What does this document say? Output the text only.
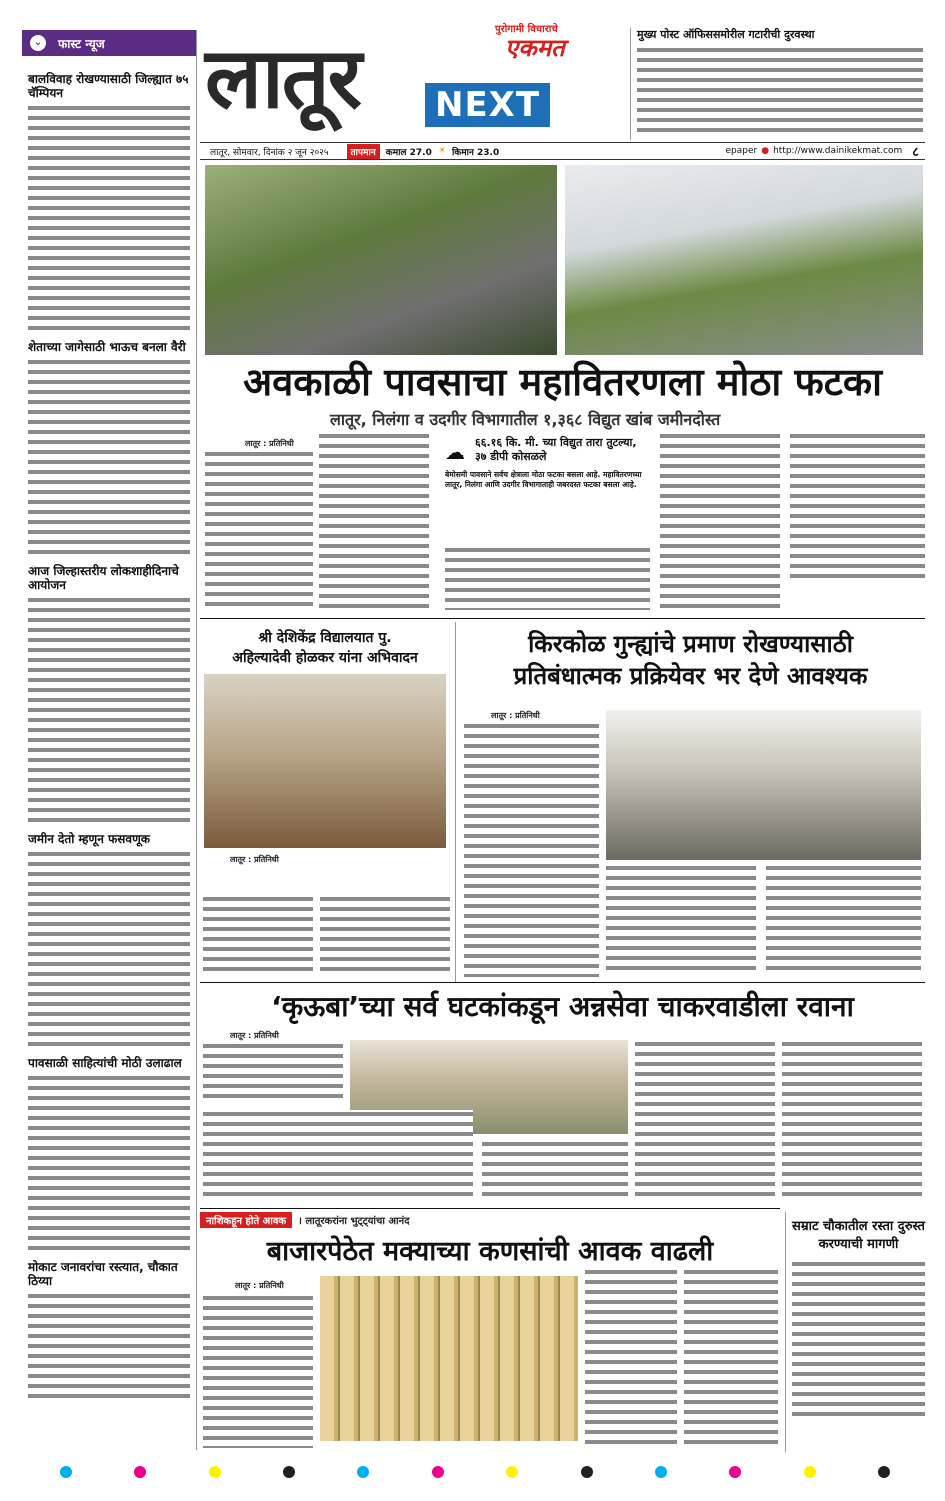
⌄	फास्ट न्यूज
बालविवाह रोखण्यासाठी जिल्ह्यात ७५ चॅम्पियन
शेताच्या जागेसाठी भाऊच बनला वैरी
आज जिल्हास्तरीय लोकशाहीदिनाचे आयोजन
जमीन देतो म्हणून फसवणूक
पावसाळी साहित्यांची मोठी उलाढाल
मोकाट जनावरांचा रस्त्यात, चौकात ठिय्या
लातूर	पुरोगामी विचाराचे
एकमत
NEXT
मुख्य पोस्ट ऑफिससमोरील गटारीची दुरवस्था
लातूर, सोमवार, दिनांक २ जून २०२५	तापमान	कमाल 27.0 ☀ किमान 23.0	epaper ● http://www.dainikekmat.com ८
अवकाळी पावसाचा महावितरणला मोठा फटका
लातूर, निलंगा व उदगीर विभागातील १,३६८ विद्युत खांब जमीनदोस्त
लातूर : प्रतिनिधी	☁ ६६.१६ कि. मी. च्या विद्युत तारा तुटल्या, ३७ डीपी कोसळले
बेमोसमी पावसाने सर्वच क्षेत्राला मोठा फटका बसला आहे. महावितरणच्या लातूर, निलंगा आणि उदगीर विभागाताही जबरदस्त फटका बसला आहे.
श्री देशिकेंद्र विद्यालयात पु.
अहिल्यादेवी होळकर यांना अभिवादन
लातूर : प्रतिनिधी
किरकोळ गुन्ह्यांचे प्रमाण रोखण्यासाठी
प्रतिबंधात्मक प्रक्रियेवर भर देणे आवश्यक
लातूर : प्रतिनिधी
‘कृऊबा’च्या सर्व घटकांकडून अन्नसेवा चाकरवाडीला रवाना
लातूर : प्रतिनिधी
नाशिकहून होते आवक	। लातूरकरांना भुट्ट्यांचा आनंद
बाजारपेठेत मक्याच्या कणसांची आवक वाढली
लातूर : प्रतिनिधी
सम्राट चौकातील रस्ता दुरुस्त करण्याची मागणी
